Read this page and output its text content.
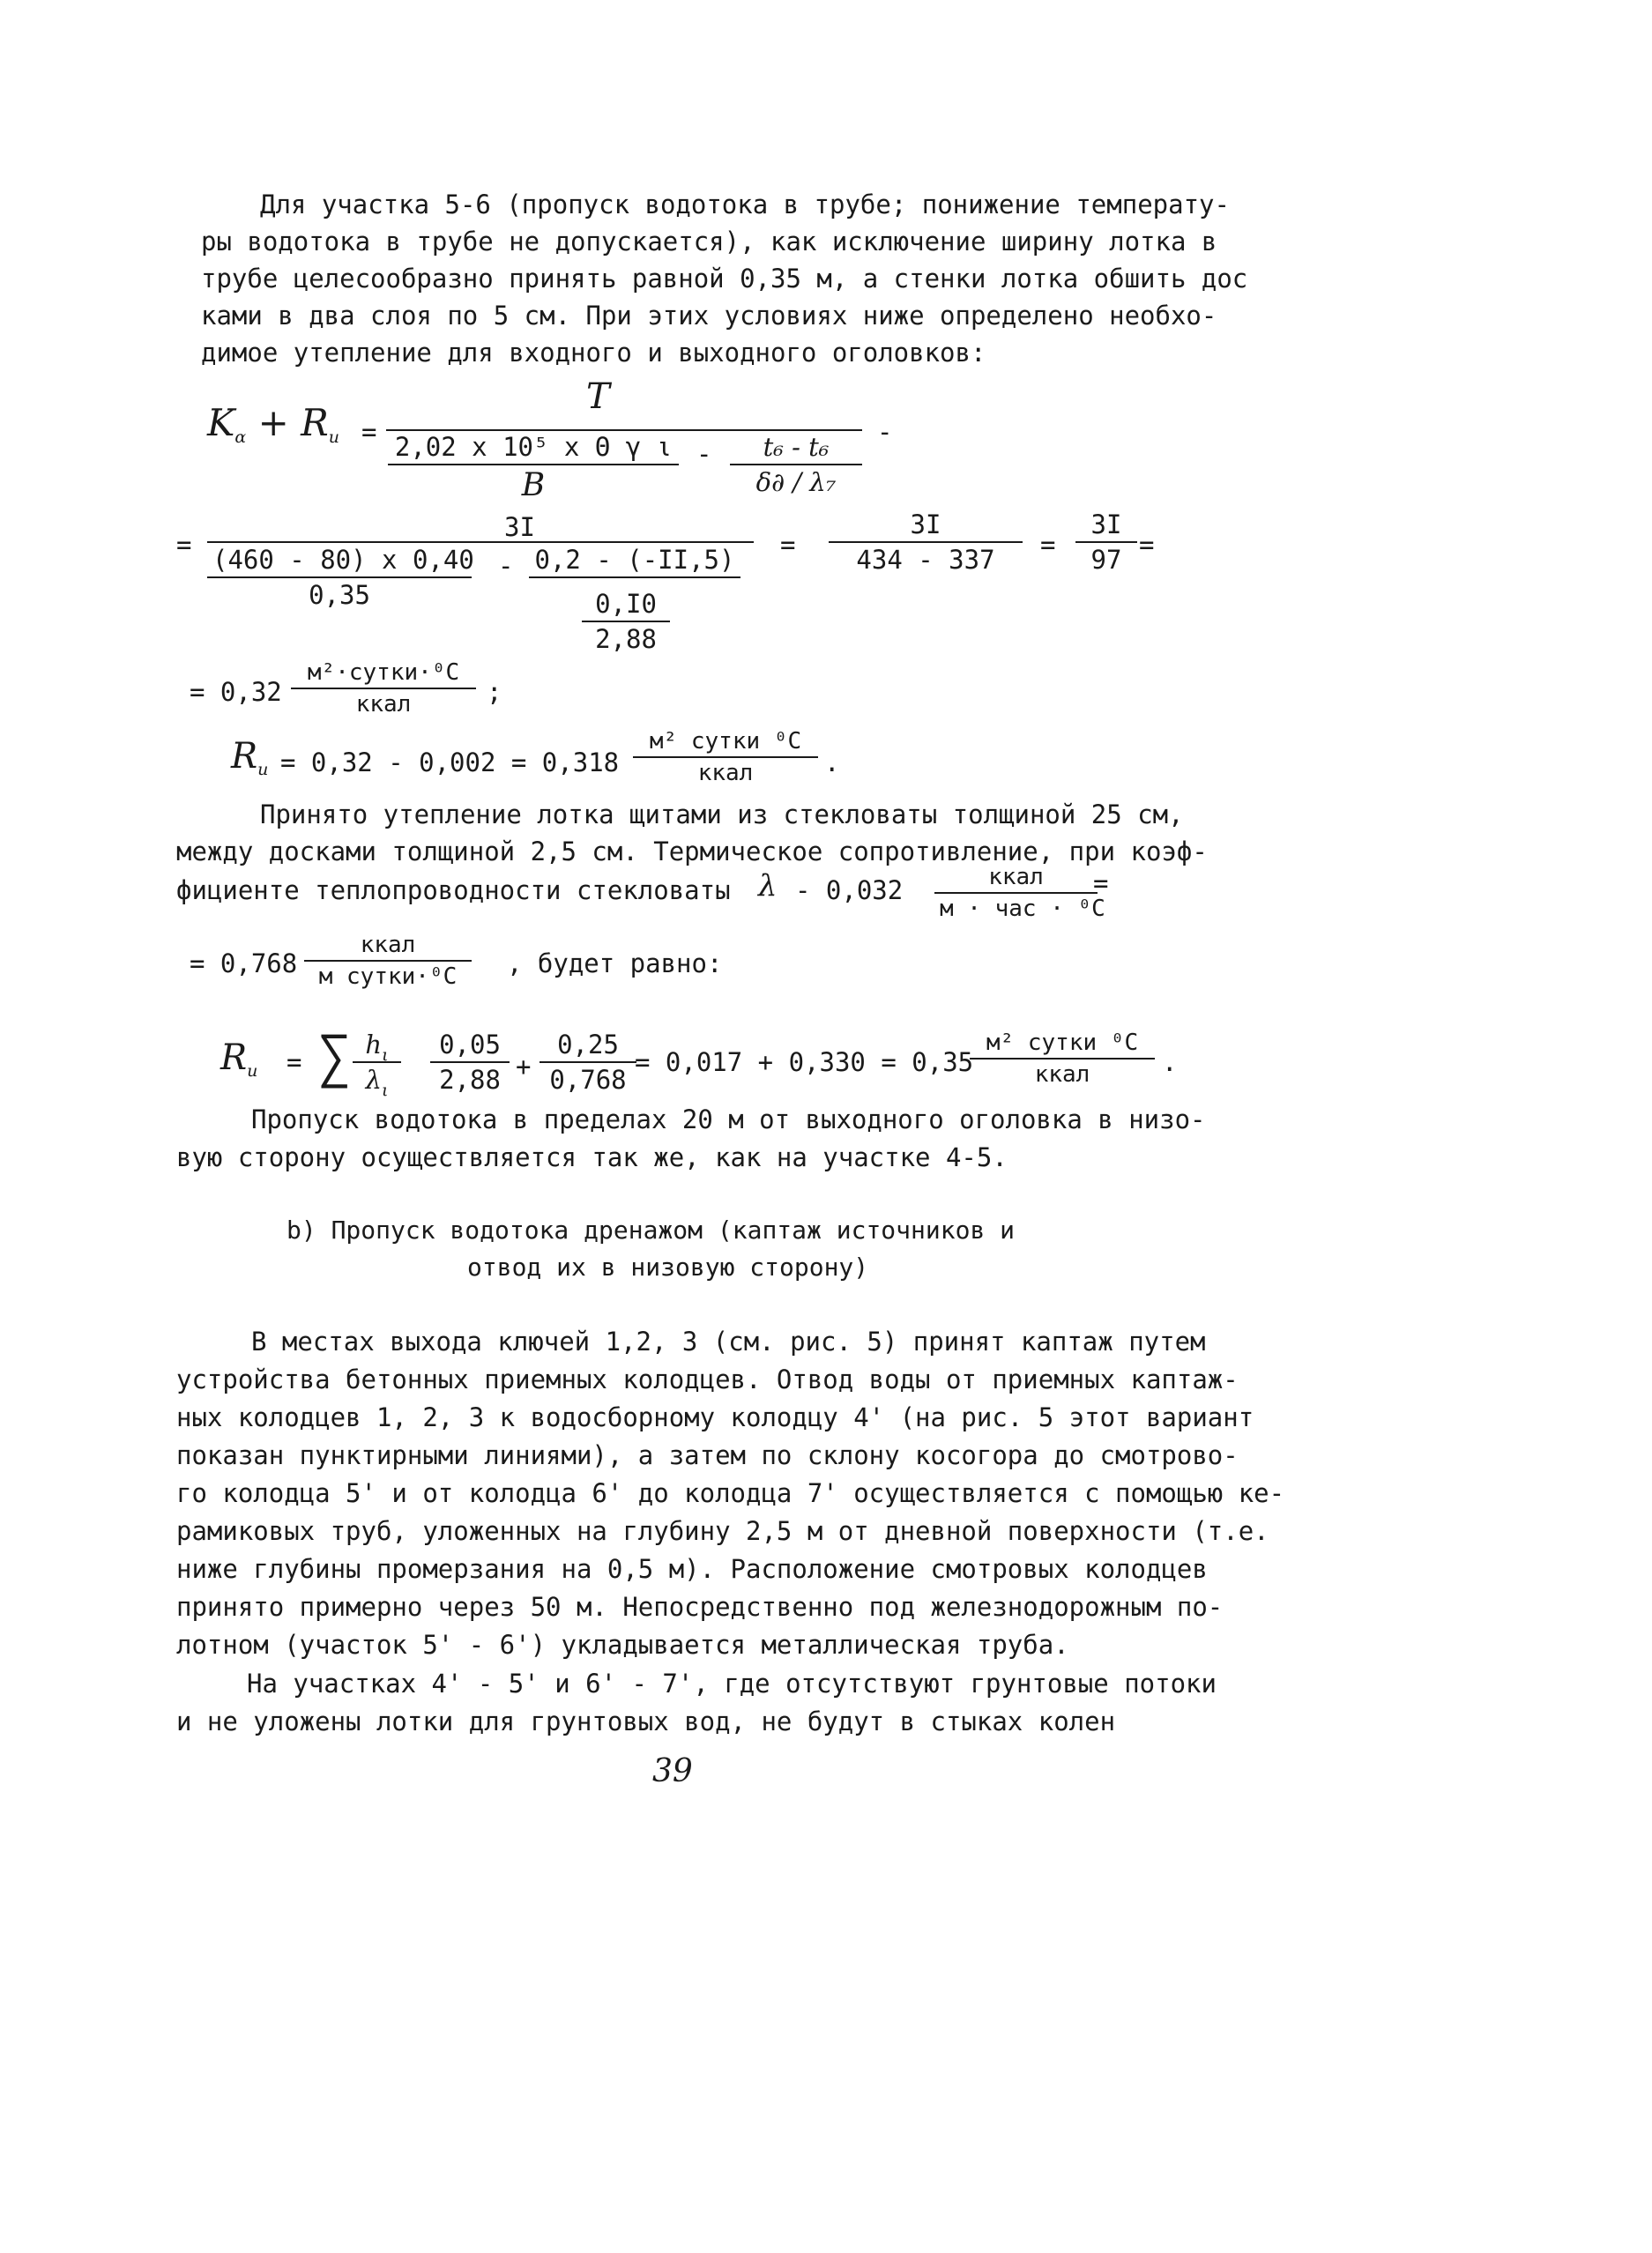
Для участка 5-6 (пропуск водотока в трубе; понижение температу-
ры водотока в трубе не допускается), как исключение ширину лотка в
трубе целесообразно принять равной 0,35 м, а стенки лотка обшить дос
ками в два слоя по 5 см. При этих условиях ниже определено необхо-
димое утепление для входного и выходного оголовков:
Kα + Ru =
T
2,02 x 10⁵ x Θ γ ι
B
- $\frac{\text{t₆ - t₆}}{\text{δ∂ / λ₇}}$ -
=
3I
$\frac{(460 - 80) x 0,40}{0,35} - 0,2 - (-II,5)$
$\frac{0,I0}{2,88}$
= $\frac{3I}{434 - 337} = \frac{3I}{97}$ =
= 0,32
м²·сутки·⁰С
ккал	;
$R_u = 0,32 - 0,002 = 0,318$
м² сутки ⁰С
ккал	.
Принято утепление лотка щитами из стекловаты толщиной 25 см,
между досками толщиной 2,5 см. Термическое сопротивление, при коэф-
фициенте теплопроводности стекловаты λ - 0,032	ккал
м · час · ⁰С
=
= 0,768
ккал
м сутки·⁰С	, будет равно:
$R_u$ = ∑ $\frac{h_\iota}{\lambda_\iota} \frac{0,05}{2,88} + \frac{0,25}{0,768}$
= 0,017 + 0,330 = 0,35
м² сутки ⁰С
ккал	.
Пропуск водотока в пределах 20 м от выходного оголовка в низо-
вую сторону осуществляется так же, как на участке 4-5.
b) Пропуск водотока дренажом (каптаж источников и
отвод их в низовую сторону)
В местах выхода ключей 1,2, 3 (см. рис. 5) принят каптаж путем
устройства бетонных приемных колодцев. Отвод воды от приемных каптаж-
ных колодцев 1, 2, 3 к водосборному колодцу 4' (на рис. 5 этот вариант
показан пунктирными линиями), а затем по склону косогора до смотрово-
го колодца 5' и от колодца 6' до колодца 7' осуществляется с помощью ке-
рамиковых труб, уложенных на глубину 2,5 м от дневной поверхности (т.е.
ниже глубины промерзания на 0,5 м). Расположение смотровых колодцев
принято примерно через 50 м. Непосредственно под железнодорожным по-
лотном (участок 5' - 6') укладывается металлическая труба.
На участках 4' - 5' и 6' - 7', где отсутствуют грунтовые потоки
и не уложены лотки для грунтовых вод, не будут в стыках колен
39
